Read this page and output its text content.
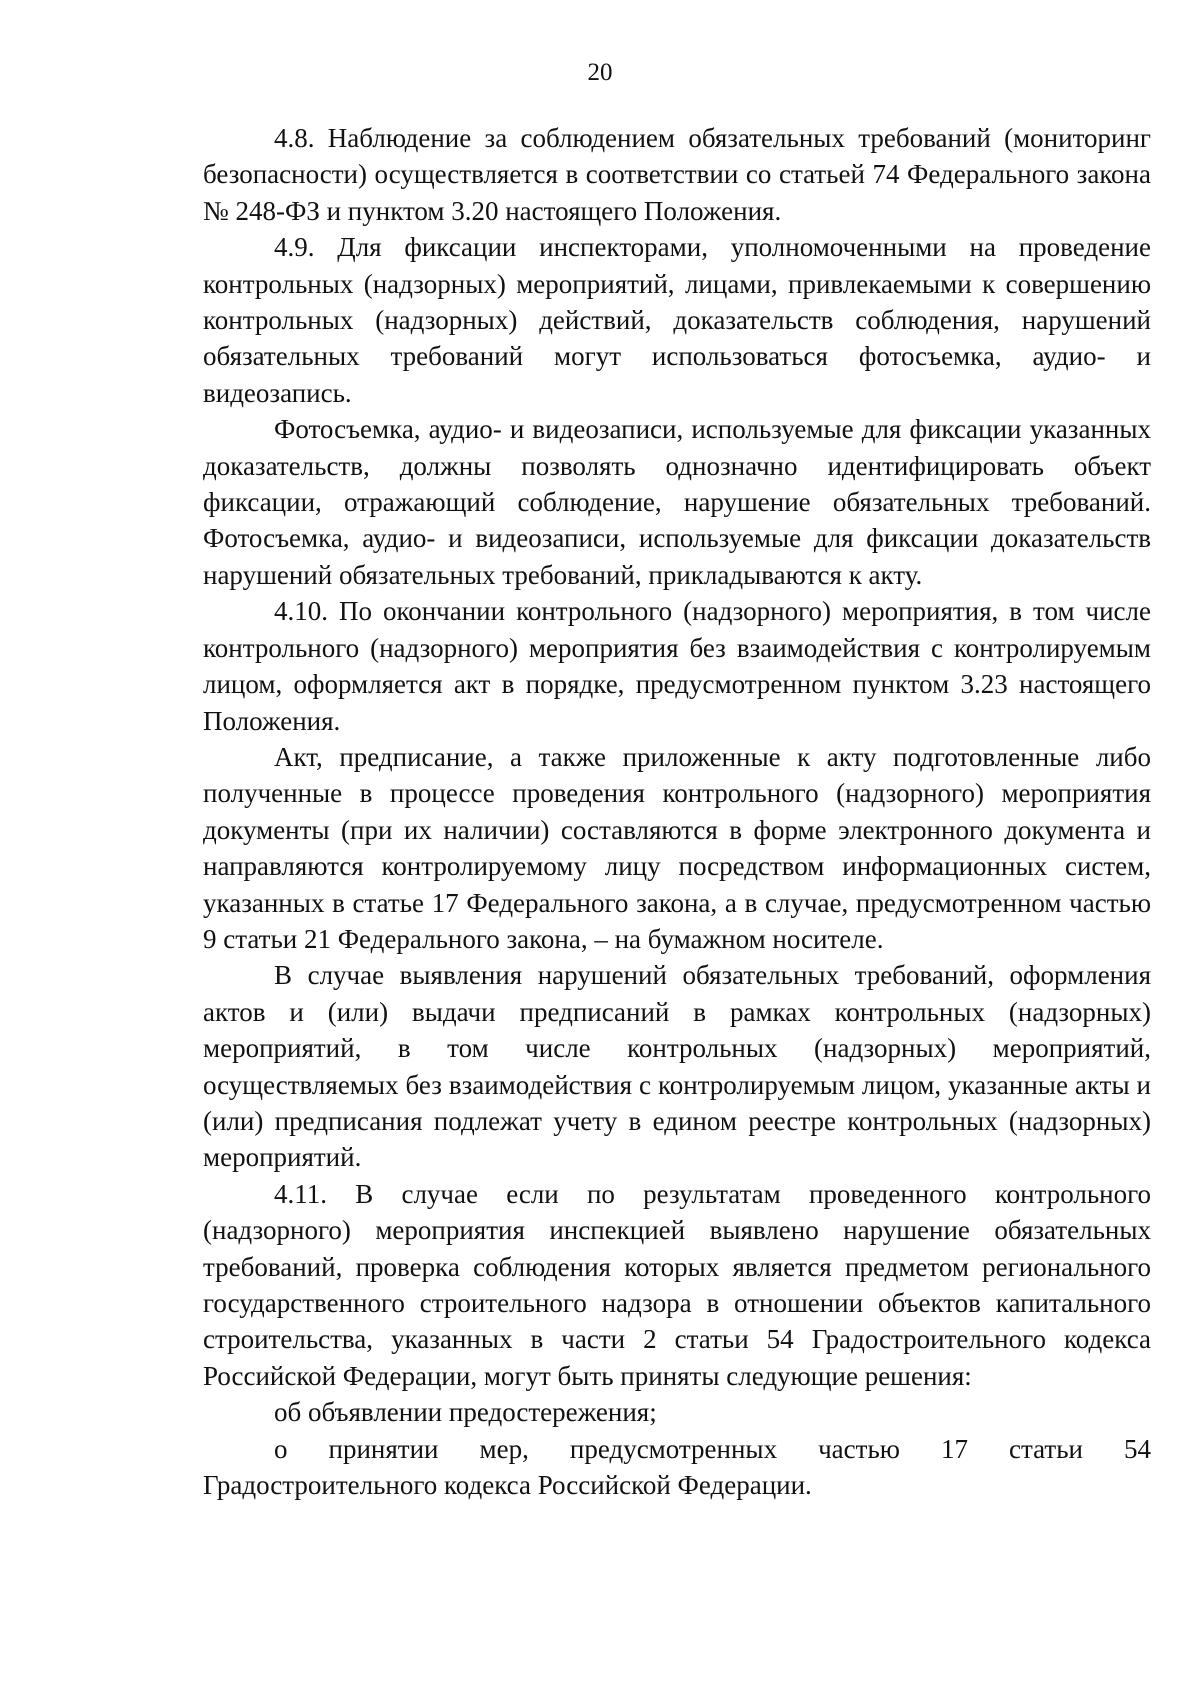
20

4.8. Наблюдение за соблюдением обязательных требований (мониторинг безопасности) осуществляется в соответствии со статьей 74 Федерального закона № 248-ФЗ и пунктом 3.20 настоящего Положения.

4.9. Для фиксации инспекторами, уполномоченными на проведение контрольных (надзорных) мероприятий, лицами, привлекаемыми к совершению контрольных (надзорных) действий, доказательств соблюдения, нарушений обязательных требований могут использоваться фотосъемка, аудио- и видеозапись.

Фотосъемка, аудио- и видеозаписи, используемые для фиксации указанных доказательств, должны позволять однозначно идентифицировать объект фиксации, отражающий соблюдение, нарушение обязательных требований. Фотосъемка, аудио- и видеозаписи, используемые для фиксации доказательств нарушений обязательных требований, прикладываются к акту.

4.10. По окончании контрольного (надзорного) мероприятия, в том числе контрольного (надзорного) мероприятия без взаимодействия с контролируемым лицом, оформляется акт в порядке, предусмотренном пунктом 3.23 настоящего Положения.

Акт, предписание, а также приложенные к акту подготовленные либо полученные в процессе проведения контрольного (надзорного) мероприятия документы (при их наличии) составляются в форме электронного документа и направляются контролируемому лицу посредством информационных систем, указанных в статье 17 Федерального закона, а в случае, предусмотренном частью 9 статьи 21 Федерального закона, – на бумажном носителе.

В случае выявления нарушений обязательных требований, оформления актов и (или) выдачи предписаний в рамках контрольных (надзорных) мероприятий, в том числе контрольных (надзорных) мероприятий, осуществляемых без взаимодействия с контролируемым лицом, указанные акты и (или) предписания подлежат учету в едином реестре контрольных (надзорных) мероприятий.

4.11. В случае если по результатам проведенного контрольного (надзорного) мероприятия инспекцией выявлено нарушение обязательных требований, проверка соблюдения которых является предметом регионального государственного строительного надзора в отношении объектов капитального строительства, указанных в части 2 статьи 54 Градостроительного кодекса Российской Федерации, могут быть приняты следующие решения:

об объявлении предостережения;

о принятии мер, предусмотренных частью 17 статьи 54 Градостроительного кодекса Российской Федерации.
